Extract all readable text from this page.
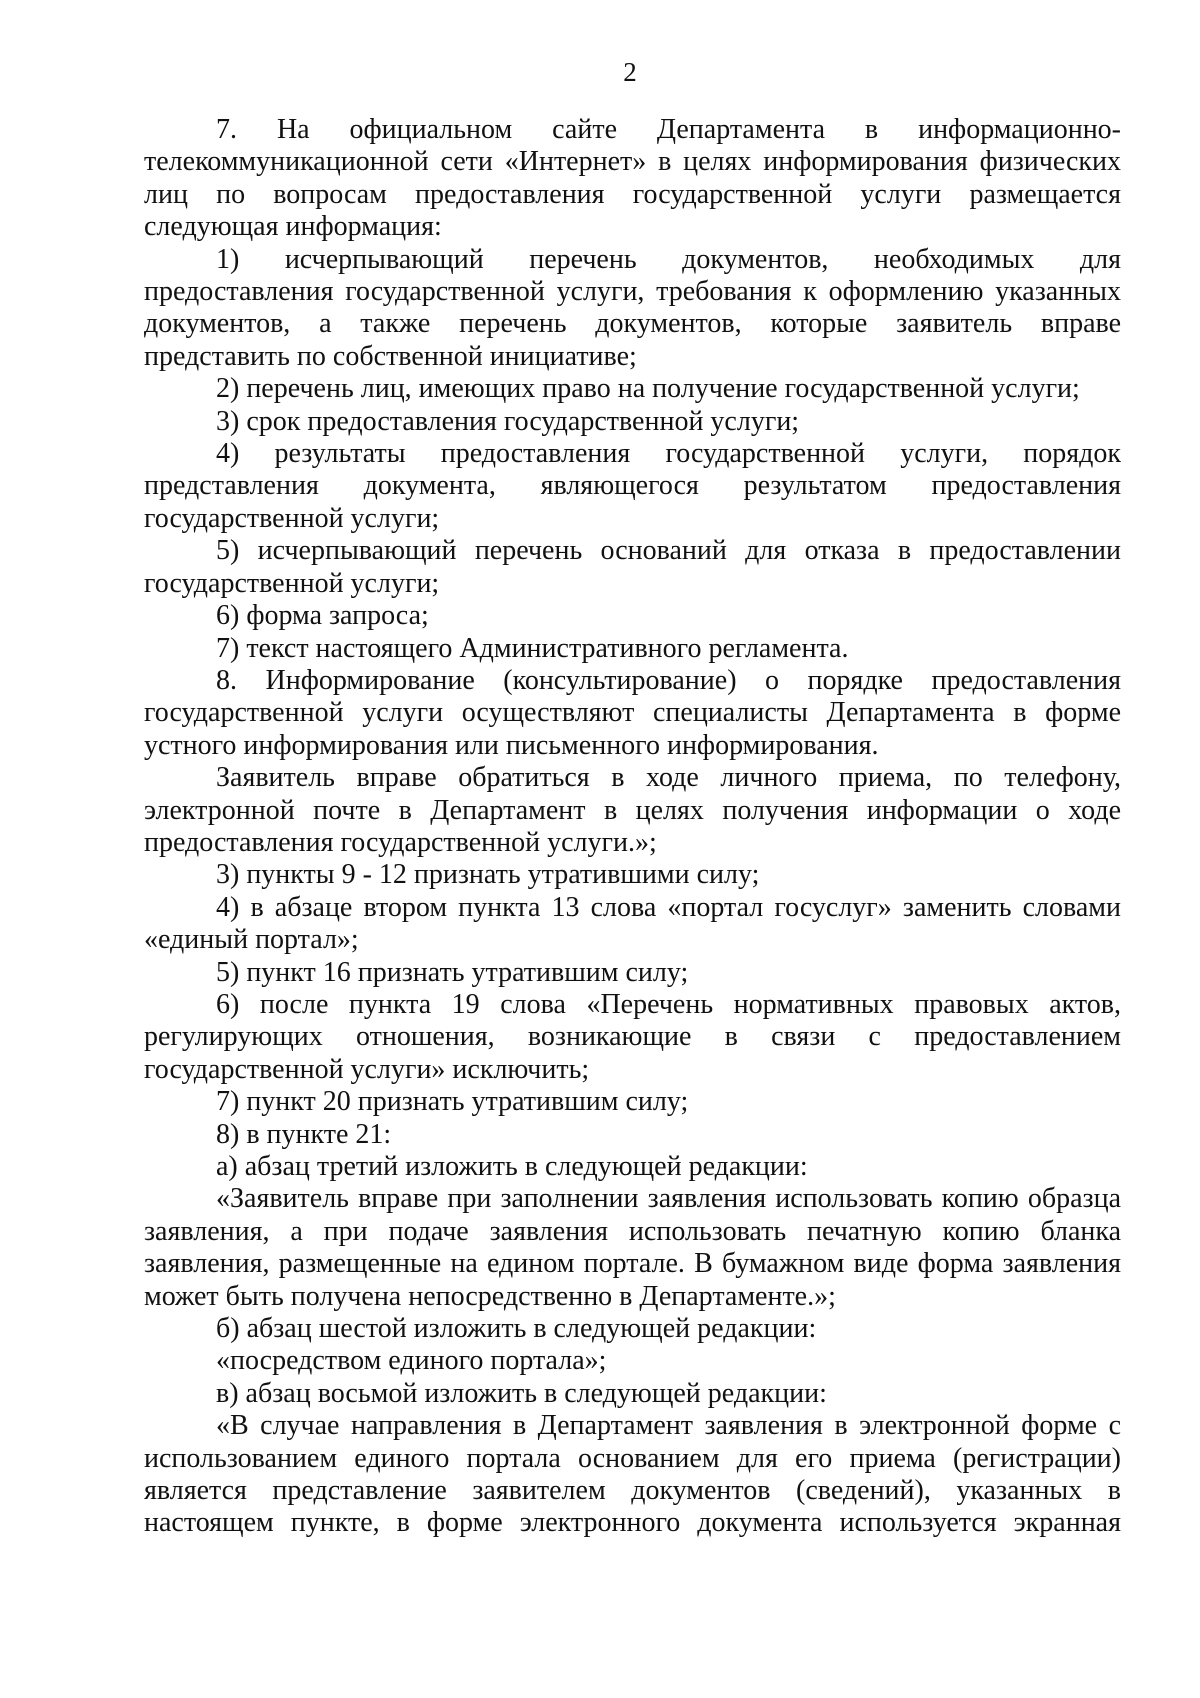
2

7. На официальном сайте Департамента в информационно-телекоммуникационной сети «Интернет» в целях информирования физических лиц по вопросам предоставления государственной услуги размещается следующая информация:

1) исчерпывающий перечень документов, необходимых для предоставления государственной услуги, требования к оформлению указанных документов, а также перечень документов, которые заявитель вправе представить по собственной инициативе;

2) перечень лиц, имеющих право на получение государственной услуги;

3) срок предоставления государственной услуги;

4) результаты предоставления государственной услуги, порядок представления документа, являющегося результатом предоставления государственной услуги;

5) исчерпывающий перечень оснований для отказа в предоставлении государственной услуги;

6) форма запроса;

7) текст настоящего Административного регламента.

8. Информирование (консультирование) о порядке предоставления государственной услуги осуществляют специалисты Департамента в форме устного информирования или письменного информирования.

Заявитель вправе обратиться в ходе личного приема, по телефону, электронной почте в Департамент в целях получения информации о ходе предоставления государственной услуги.»;

3) пункты 9 - 12 признать утратившими силу;

4) в абзаце втором пункта 13 слова «портал госуслуг» заменить словами «единый портал»;

5) пункт 16 признать утратившим силу;

6) после пункта 19 слова «Перечень нормативных правовых актов, регулирующих отношения, возникающие в связи с предоставлением государственной услуги» исключить;

7) пункт 20 признать утратившим силу;

8) в пункте 21:

а) абзац третий изложить в следующей редакции:

«Заявитель вправе при заполнении заявления использовать копию образца заявления, а при подаче заявления использовать печатную копию бланка заявления, размещенные на едином портале. В бумажном виде форма заявления может быть получена непосредственно в Департаменте.»;

б) абзац шестой изложить в следующей редакции:

«посредством единого портала»;

в) абзац восьмой изложить в следующей редакции:

«В случае направления в Департамент заявления в электронной форме с использованием единого портала основанием для его приема (регистрации) является представление заявителем документов (сведений), указанных в настоящем пункте, в форме электронного документа используется экранная
